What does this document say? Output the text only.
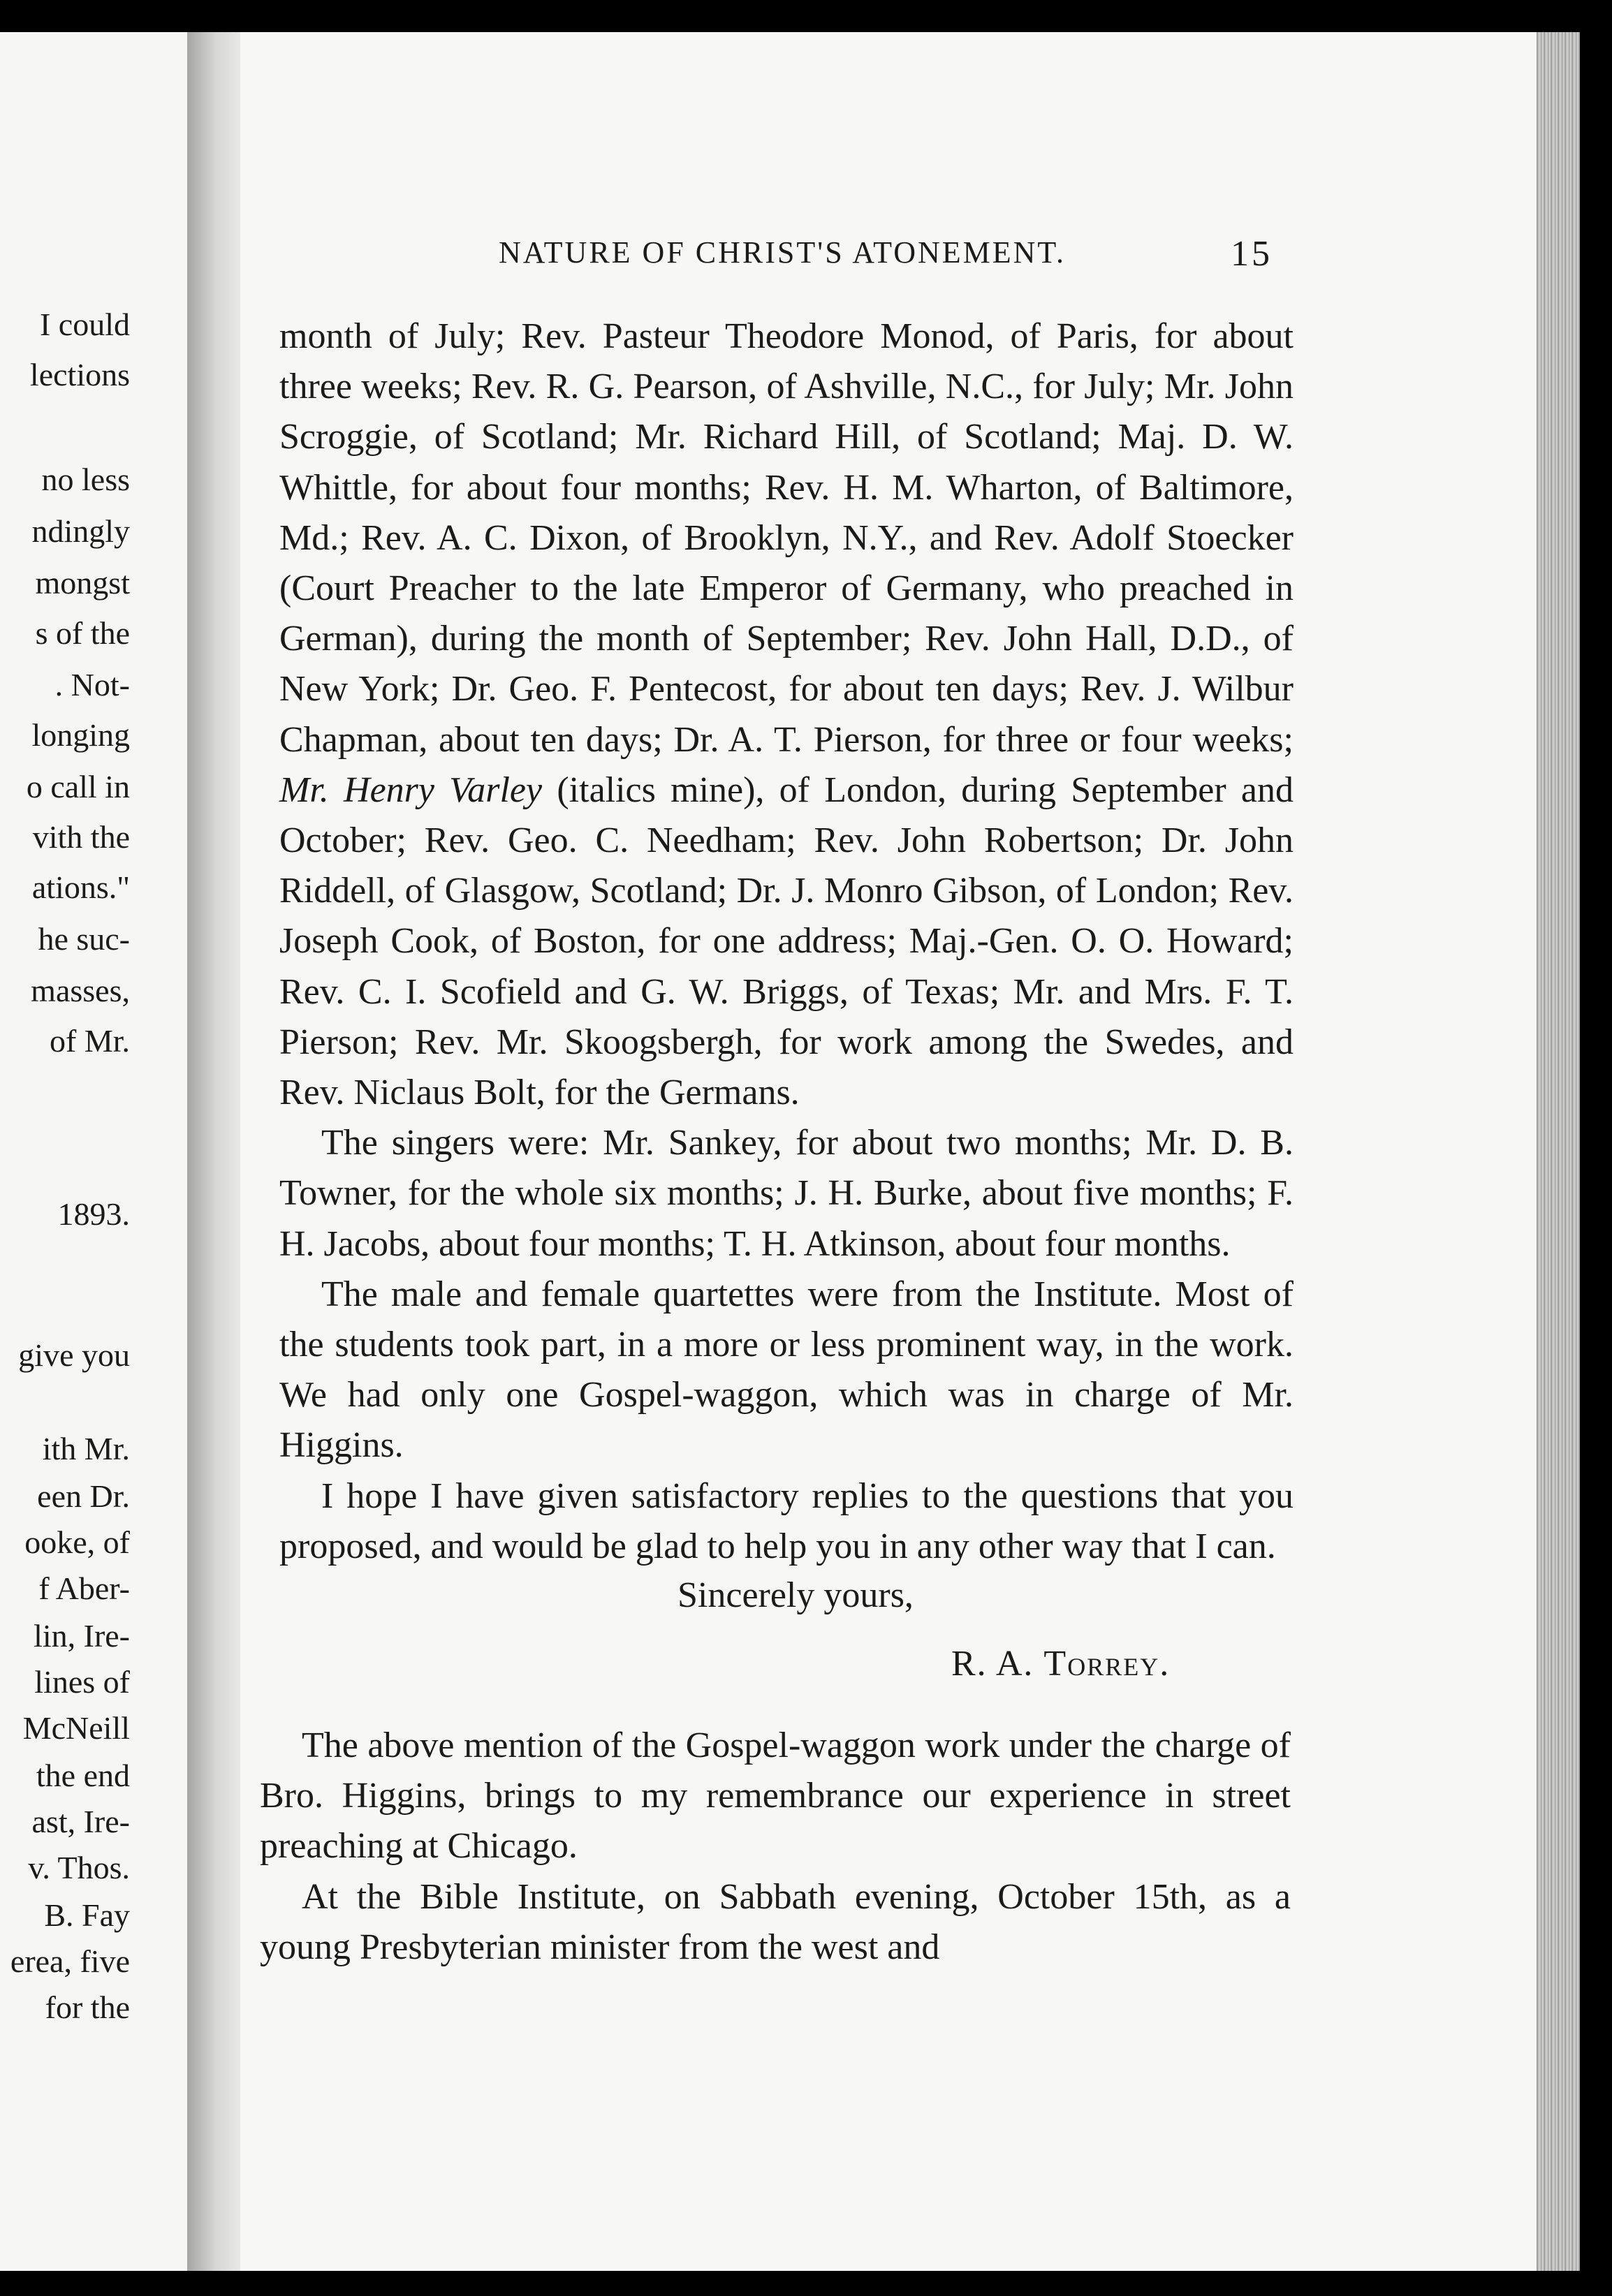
I could
lections
no less
ndingly
mongst
s of the
. Not-
longing
o call in
vith the
ations."
he suc-
masses,
of Mr.
1893.
give you
ith Mr.
een Dr.
ooke, of
f Aber-
lin, Ire-
lines of
McNeill
the end
ast, Ire-
v. Thos.
B. Fay
erea, five
for the
NATURE OF CHRIST'S ATONEMENT.	15

month of July; Rev. Pasteur Theodore Monod, of Paris, for about three weeks; Rev. R. G. Pearson, of Ashville, N.C., for July; Mr. John Scroggie, of Scotland; Mr. Richard Hill, of Scotland; Maj. D. W. Whittle, for about four months; Rev. H. M. Wharton, of Baltimore, Md.; Rev. A. C. Dixon, of Brooklyn, N.Y., and Rev. Adolf Stoecker (Court Preacher to the late Emperor of Germany, who preached in German), during the month of September; Rev. John Hall, D.D., of New York; Dr. Geo. F. Pentecost, for about ten days; Rev. J. Wilbur Chapman, about ten days; Dr. A. T. Pierson, for three or four weeks; Mr. Henry Varley (italics mine), of London, during September and October; Rev. Geo. C. Needham; Rev. John Robertson; Dr. John Riddell, of Glasgow, Scotland; Dr. J. Monro Gibson, of London; Rev. Joseph Cook, of Boston, for one address; Maj.-Gen. O. O. Howard; Rev. C. I. Scofield and G. W. Briggs, of Texas; Mr. and Mrs. F. T. Pierson; Rev. Mr. Skoogsbergh, for work among the Swedes, and Rev. Niclaus Bolt, for the Germans.

The singers were: Mr. Sankey, for about two months; Mr. D. B. Towner, for the whole six months; J. H. Burke, about five months; F. H. Jacobs, about four months; T. H. Atkinson, about four months.

The male and female quartettes were from the Institute. Most of the students took part, in a more or less prominent way, in the work. We had only one Gospel-waggon, which was in charge of Mr. Higgins.

I hope I have given satisfactory replies to the questions that you proposed, and would be glad to help you in any other way that I can.

Sincerely yours,
R. A. Torrey.

The above mention of the Gospel-waggon work under the charge of Bro. Higgins, brings to my remembrance our experience in street preaching at Chicago.

At the Bible Institute, on Sabbath evening, October 15th, as a young Presbyterian minister from the west and
